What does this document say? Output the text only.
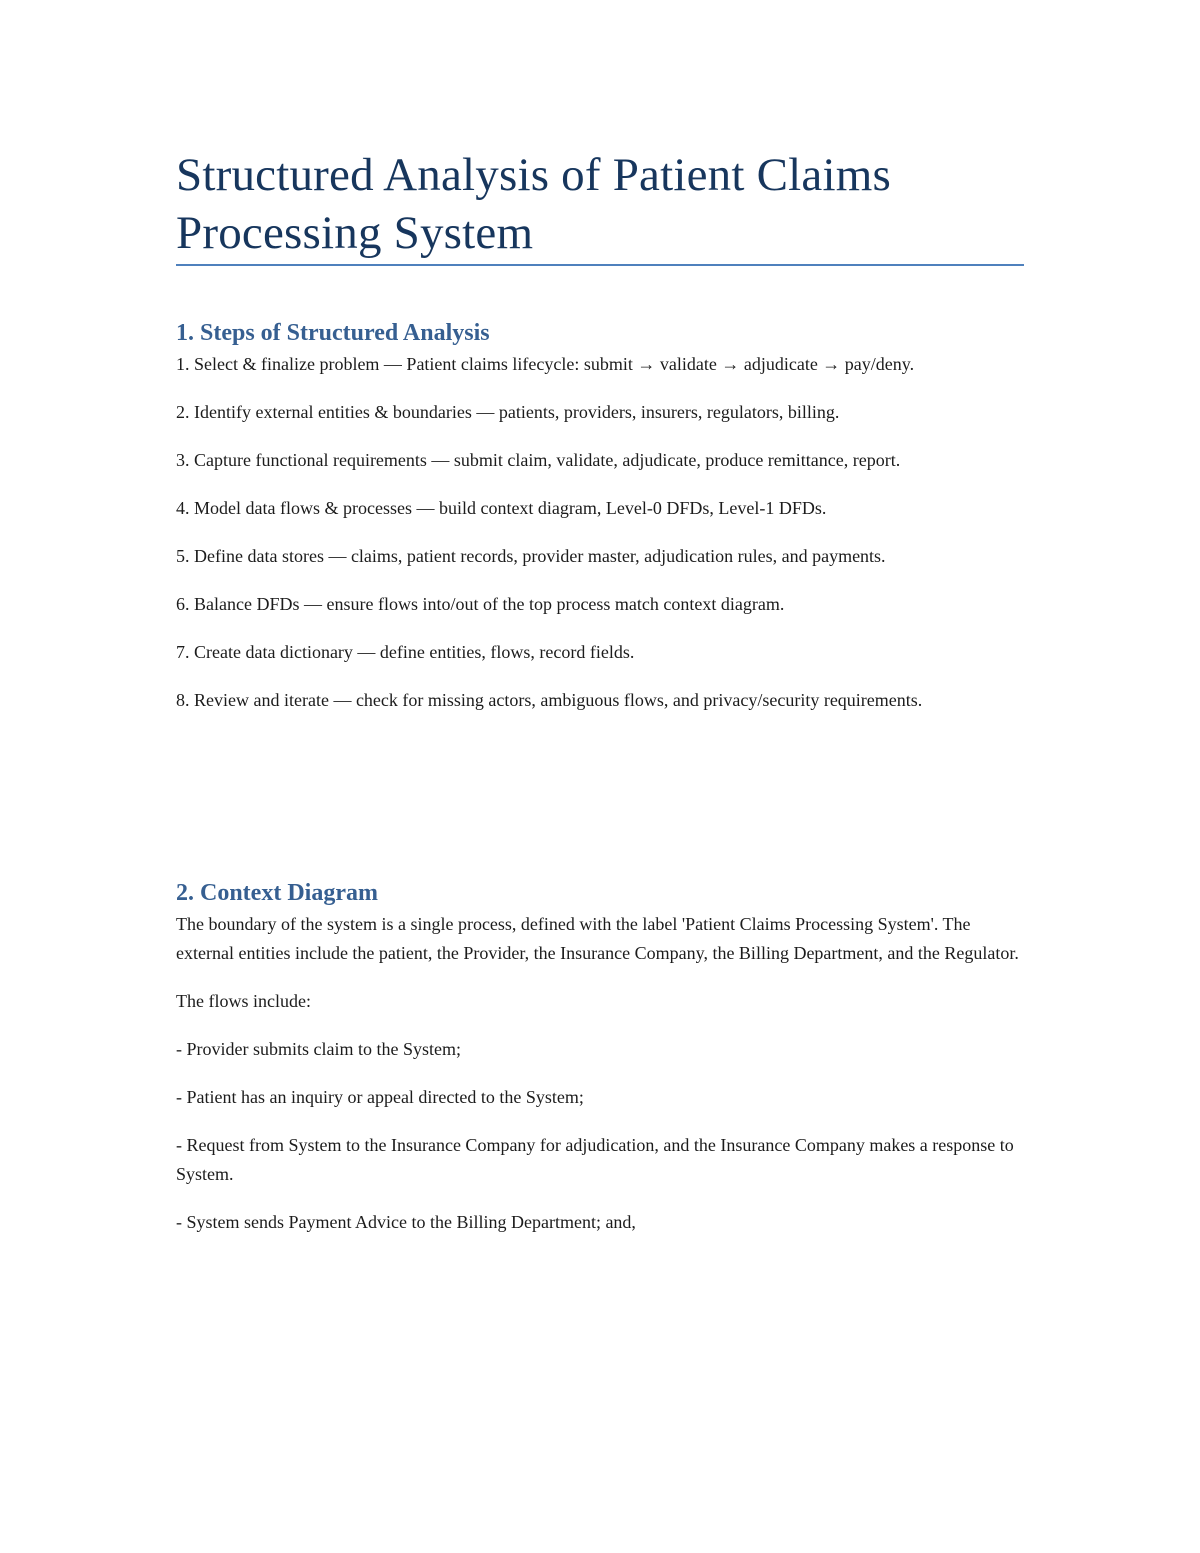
Structured Analysis of Patient Claims Processing System
1. Steps of Structured Analysis

1. Select & finalize problem — Patient claims lifecycle: submit → validate → adjudicate → pay/deny.

2. Identify external entities & boundaries — patients, providers, insurers, regulators, billing.

3. Capture functional requirements — submit claim, validate, adjudicate, produce remittance, report.

4. Model data flows & processes — build context diagram, Level-0 DFDs, Level-1 DFDs.

5. Define data stores — claims, patient records, provider master, adjudication rules, and payments.

6. Balance DFDs — ensure flows into/out of the top process match context diagram.

7. Create data dictionary — define entities, flows, record fields.

8. Review and iterate — check for missing actors, ambiguous flows, and privacy/security requirements.

2. Context Diagram

The boundary of the system is a single process, defined with the label 'Patient Claims Processing System'. The external entities include the patient, the Provider, the Insurance Company, the Billing Department, and the Regulator.

The flows include:

- Provider submits claim to the System;

- Patient has an inquiry or appeal directed to the System;

- Request from System to the Insurance Company for adjudication, and the Insurance Company makes a response to System.

- System sends Payment Advice to the Billing Department; and,
